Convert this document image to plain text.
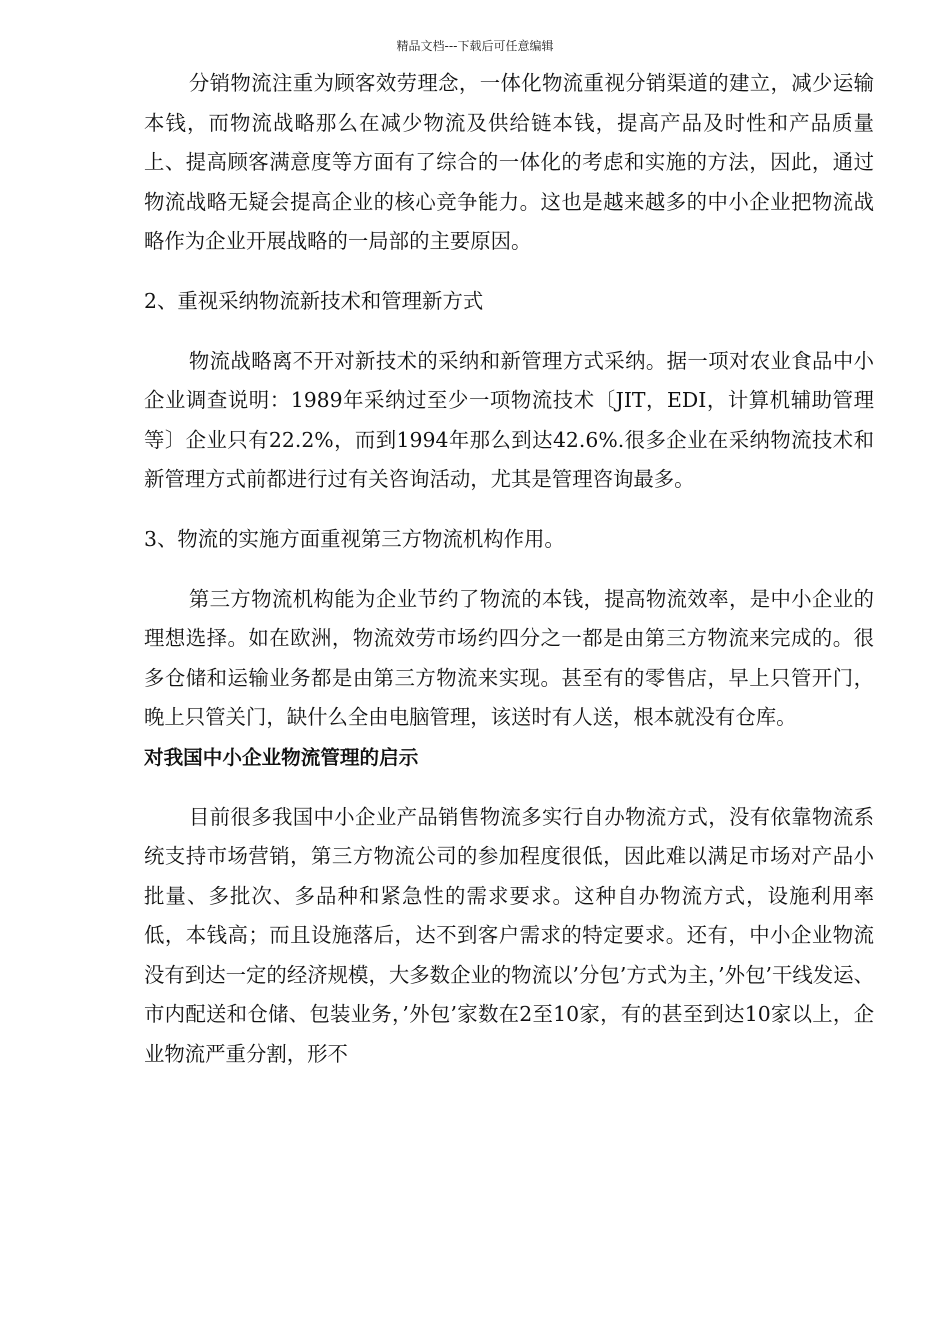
精品文档---下载后可任意编辑

分销物流注重为顾客效劳理念，一体化物流重视分销渠道的建立，减少运输本钱，而物流战略那么在减少物流及供给链本钱，提高产品及时性和产品质量上、提高顾客满意度等方面有了综合的一体化的考虑和实施的方法，因此，通过物流战略无疑会提高企业的核心竞争能力。这也是越来越多的中小企业把物流战略作为企业开展战略的一局部的主要原因。

2、重视采纳物流新技术和管理新方式

物流战略离不开对新技术的采纳和新管理方式采纳。据一项对农业食品中小企业调查说明：1989年采纳过至少一项物流技术〔JIT，EDI，计算机辅助管理等〕企业只有22.2%，而到1994年那么到达42.6%.很多企业在采纳物流技术和新管理方式前都进行过有关咨询活动，尤其是管理咨询最多。

3、物流的实施方面重视第三方物流机构作用。

第三方物流机构能为企业节约了物流的本钱，提高物流效率，是中小企业的理想选择。如在欧洲，物流效劳市场约四分之一都是由第三方物流来完成的。很多仓储和运输业务都是由第三方物流来实现。甚至有的零售店，早上只管开门，晚上只管关门，缺什么全由电脑管理，该送时有人送，根本就没有仓库。

对我国中小企业物流管理的启示

目前很多我国中小企业产品销售物流多实行自办物流方式，没有依靠物流系统支持市场营销，第三方物流公司的参加程度很低，因此难以满足市场对产品小批量、多批次、多品种和紧急性的需求要求。这种自办物流方式，设施利用率低，本钱高；而且设施落后，达不到客户需求的特定要求。还有，中小企业物流没有到达一定的经济规模，大多数企业的物流以’分包’方式为主，’外包’干线发运、市内配送和仓储、包装业务，’外包’家数在2至10家，有的甚至到达10家以上，企业物流严重分割，形不
